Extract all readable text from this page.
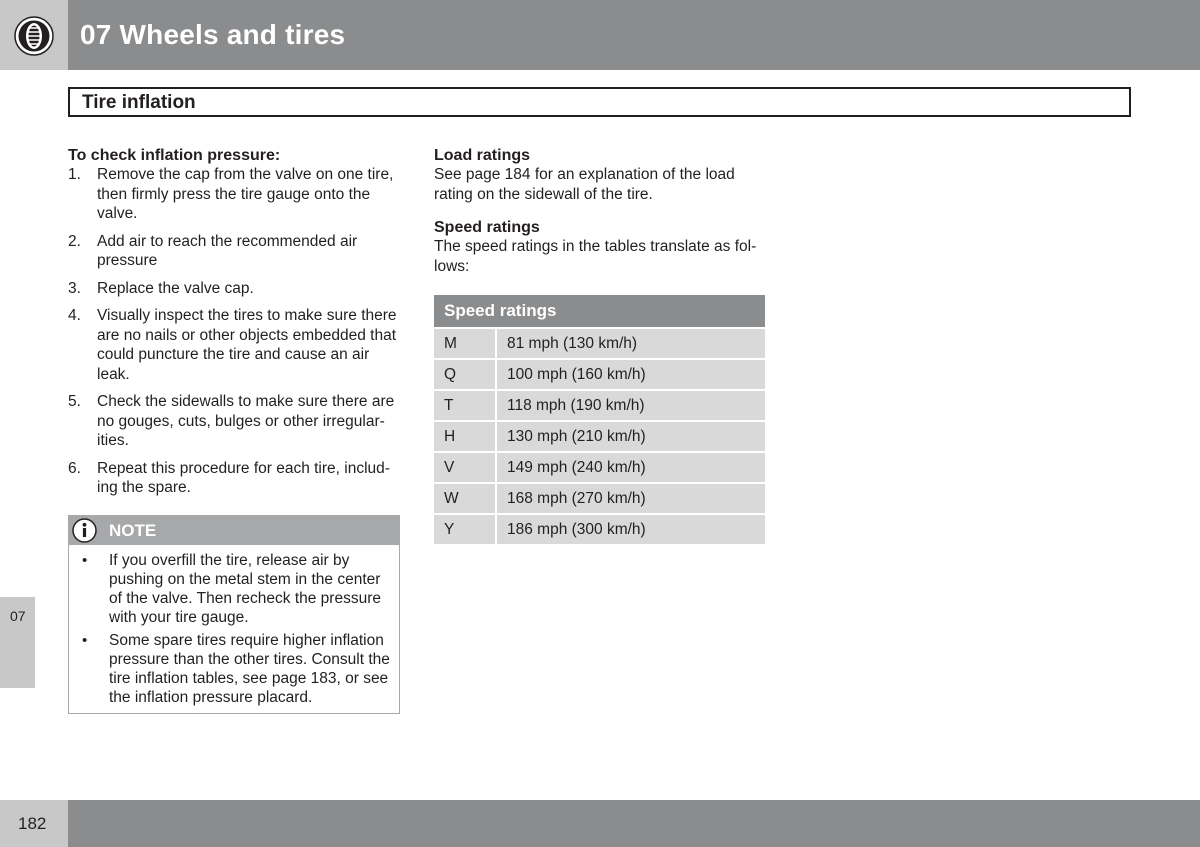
07 Wheels and tires
Tire inflation
To check inflation pressure:
1. Remove the cap from the valve on one tire, then firmly press the tire gauge onto the valve.
2. Add air to reach the recommended air pressure
3. Replace the valve cap.
4. Visually inspect the tires to make sure there are no nails or other objects embedded that could puncture the tire and cause an air leak.
5. Check the sidewalls to make sure there are no gouges, cuts, bulges or other irregular-ities.
6. Repeat this procedure for each tire, includ-ing the spare.
NOTE
• If you overfill the tire, release air by pushing on the metal stem in the center of the valve. Then recheck the pressure with your tire gauge.
• Some spare tires require higher inflation pressure than the other tires. Consult the tire inflation tables, see page 183, or see the inflation pressure placard.
Load ratings
See page 184 for an explanation of the load rating on the sidewall of the tire.
Speed ratings
The speed ratings in the tables translate as fol-lows:
Speed ratings	
M	81 mph (130 km/h)
Q	100 mph (160 km/h)
T	118 mph (190 km/h)
H	130 mph (210 km/h)
V	149 mph (240 km/h)
W	168 mph (270 km/h)
Y	186 mph (300 km/h)
07
182
